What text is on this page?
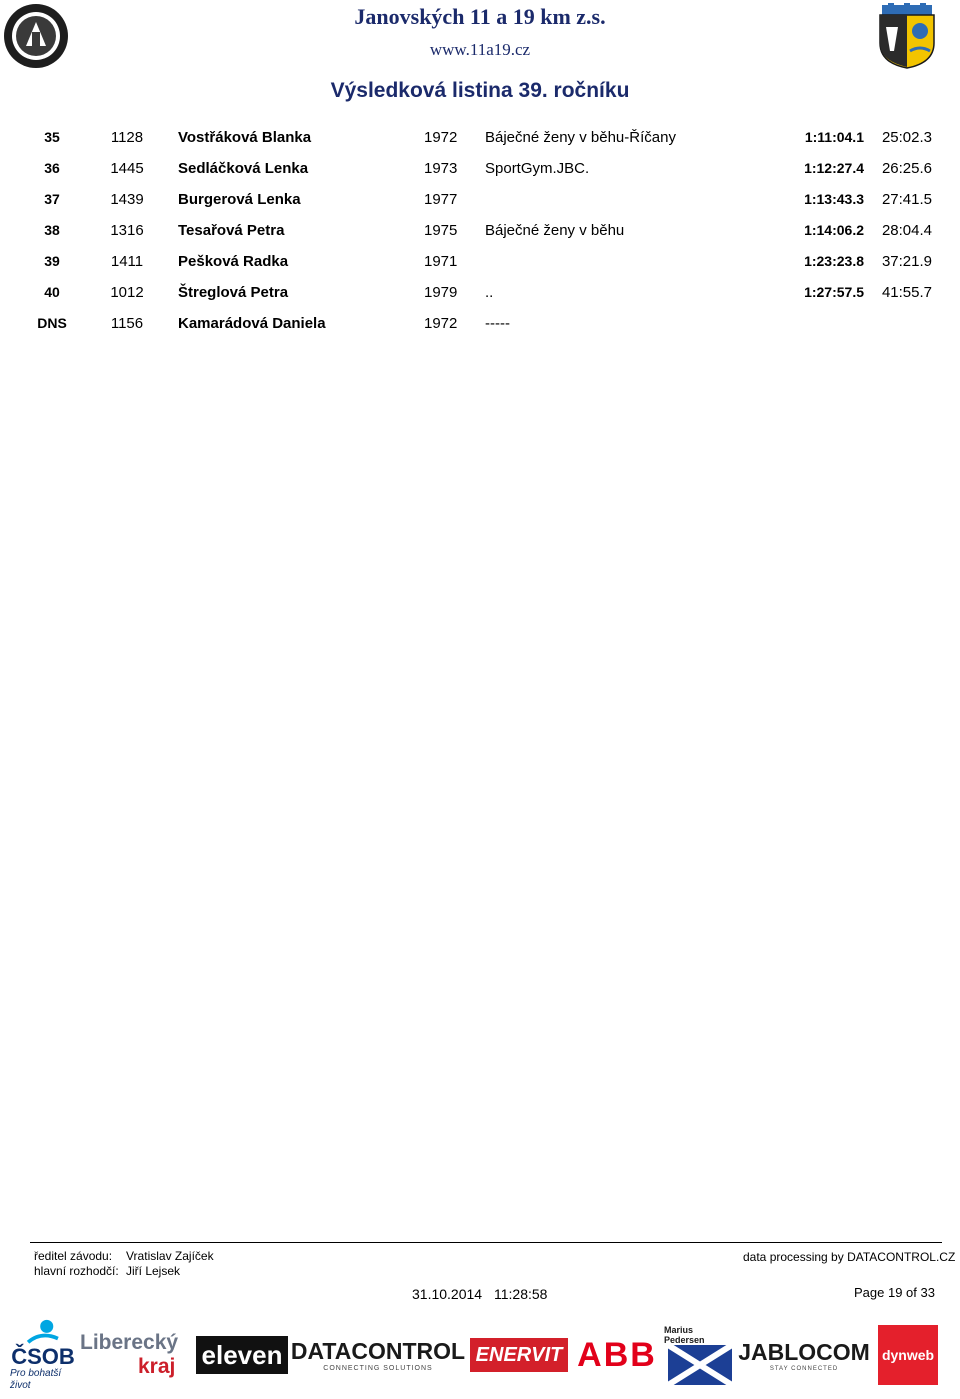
Janovských 11 a 19 km z.s.
www.11a19.cz
Výsledková listina 39. ročníku
35	1128	Vostřáková Blanka	1972 Báječné ženy v běhu-Říčany	1:11:04.1	25:02.3
36	1445	Sedláčková Lenka	1973 SportGym.JBC.	1:12:27.4	26:25.6
37	1439	Burgerová Lenka	1977	1:13:43.3	27:41.5
38	1316	Tesařová Petra	1975 Báječné ženy v běhu	1:14:06.2	28:04.4
39	1411	Pešková Radka	1971	1:23:23.8	37:21.9
40	1012	Štreglová Petra	1979 ..	1:27:57.5	41:55.7
DNS	1156	Kamarádová Daniela	1972 -----
ředitel závodu: Vratislav Zajíček
hlavní rozhodčí: Jiří Lejsek
data processing by DATACONTROL.CZ
31.10.2014 11:28:58	Page 19 of 33
ČSOB
Pro bohatší život
Liberecký
kraj eleven DATACONTROL
CONNECTING SOLUTIONS
ENERVIT ABB
Marius Pedersen	JABLOCOM
STAY CONNECTED
dynweb
